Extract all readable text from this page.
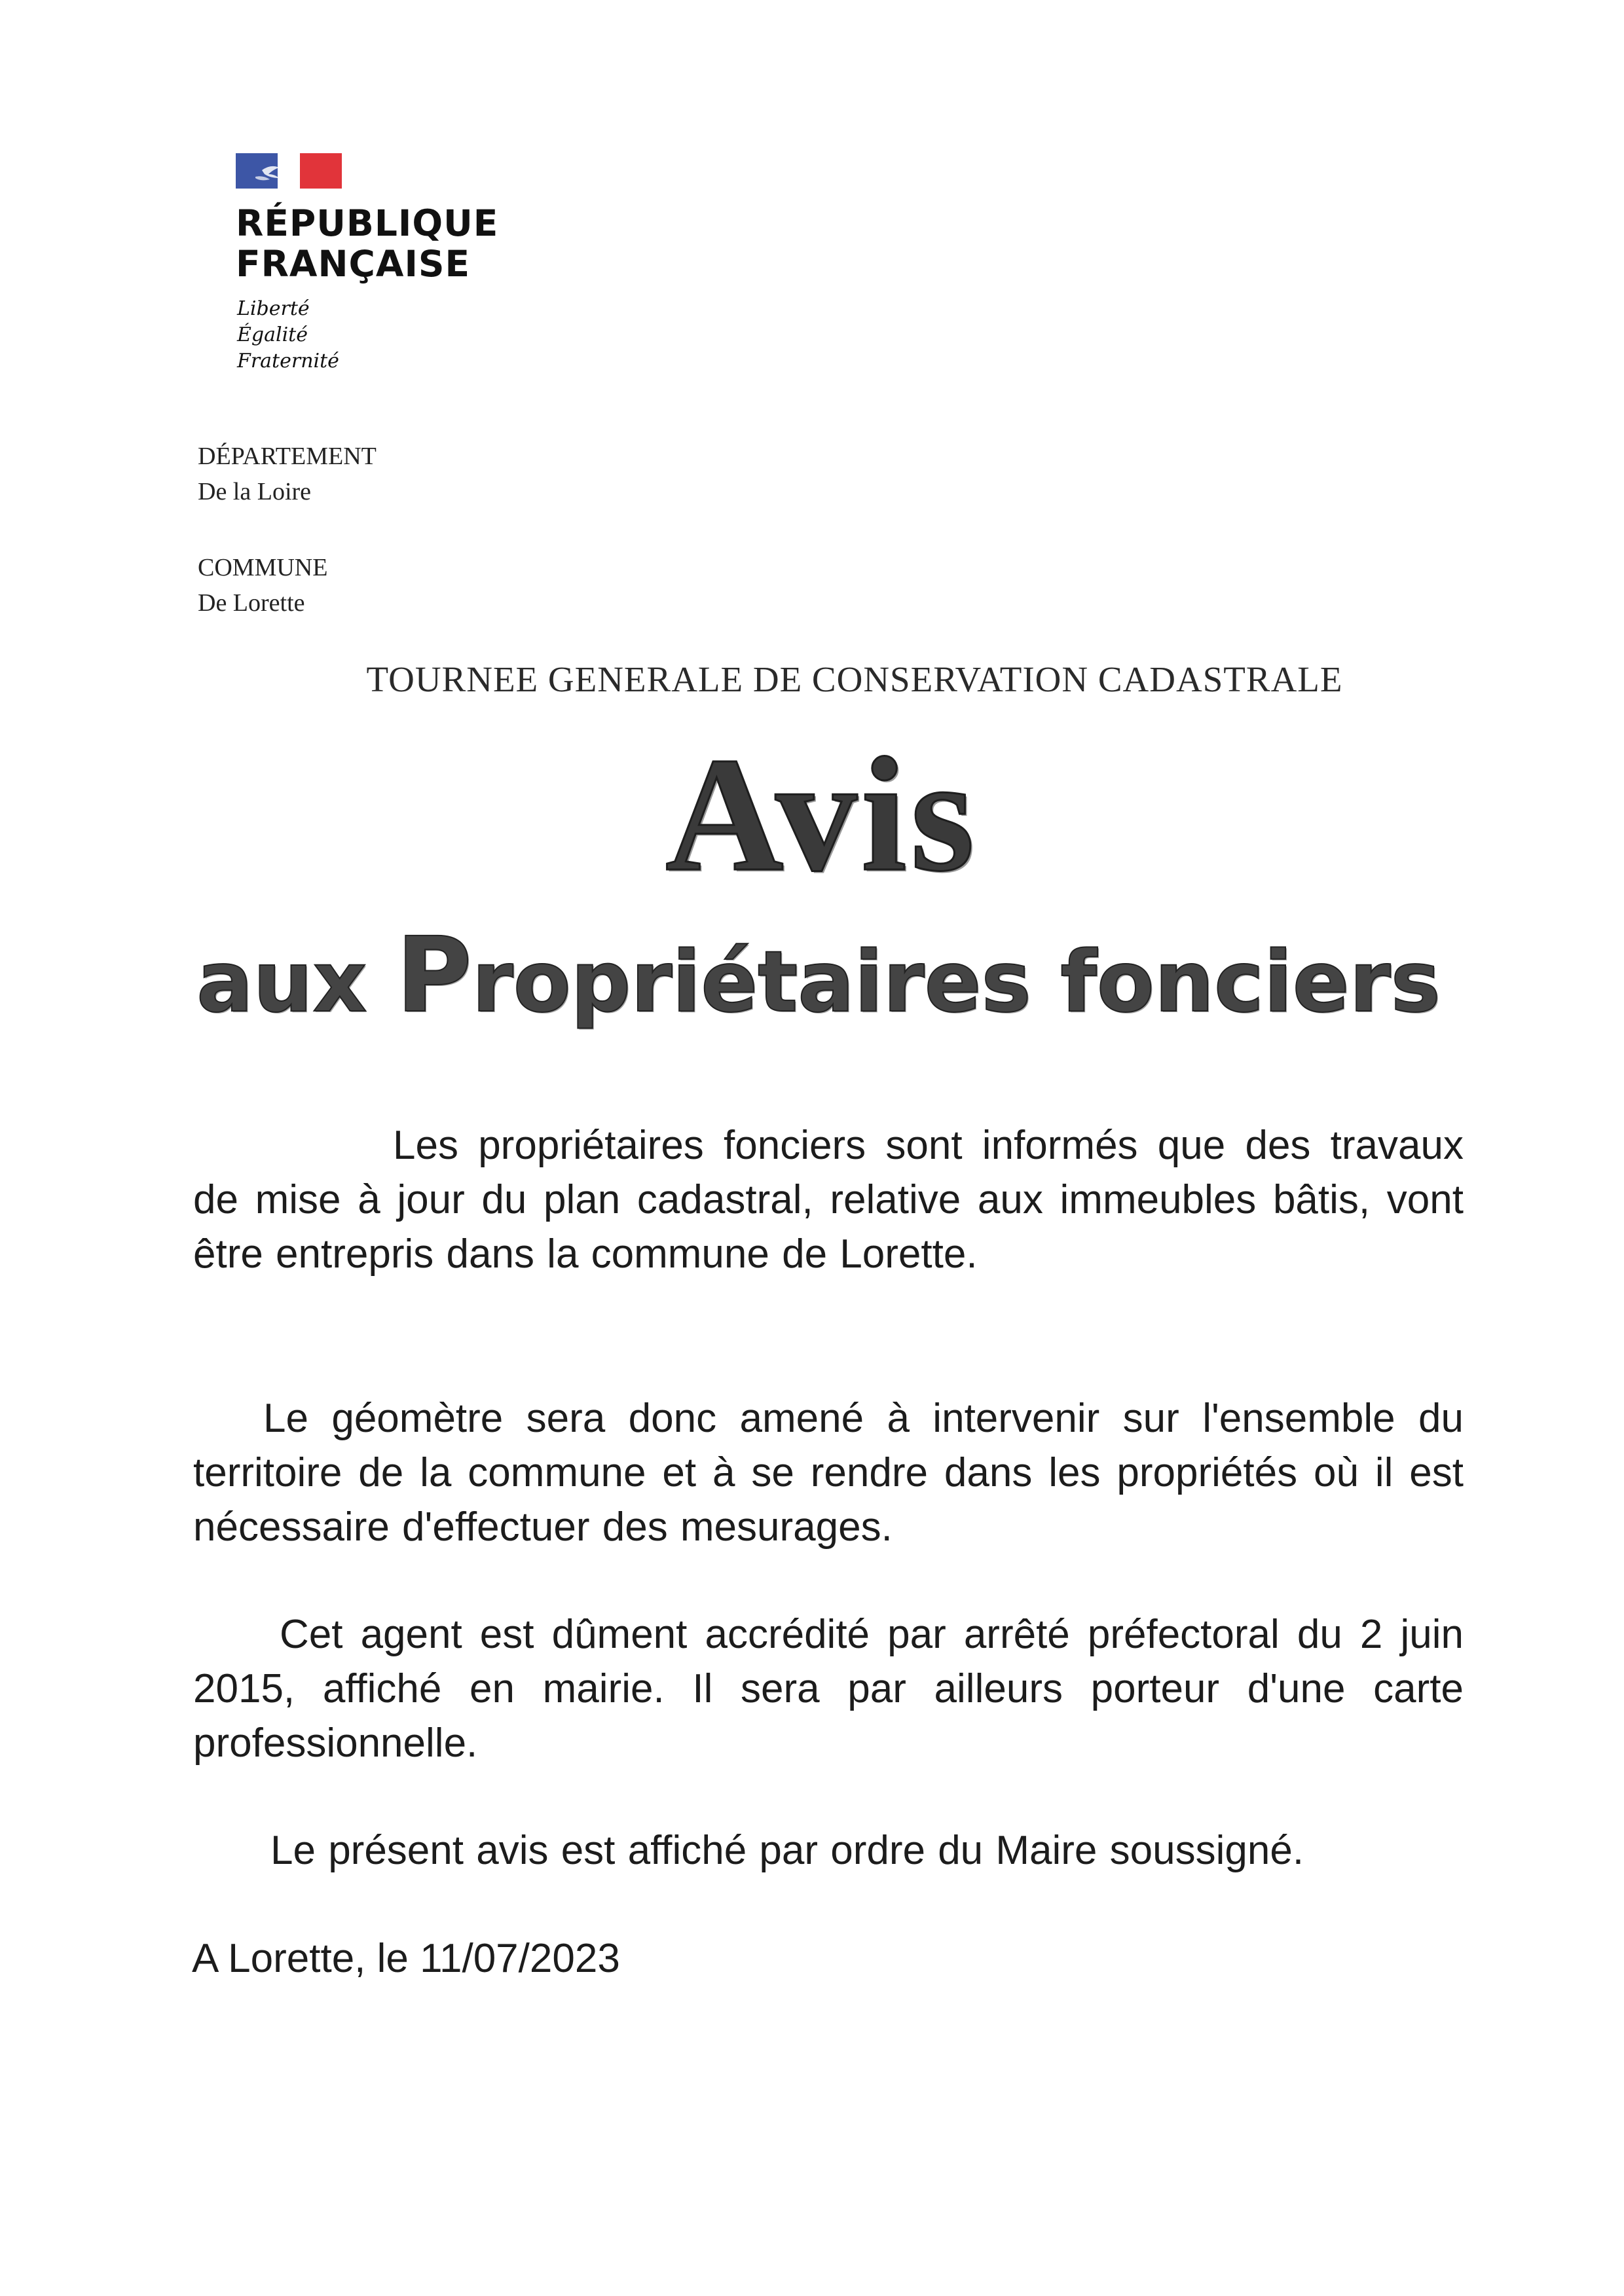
RÉPUBLIQUE
FRANÇAISE
Liberté
Égalité
Fraternité
DÉPARTEMENT
De la Loire
COMMUNE
De Lorette
TOURNEE GENERALE DE CONSERVATION CADASTRALE
Avis
aux Propriétaires fonciers

Les propriétaires fonciers sont informés que des travaux de mise à jour du plan cadastral, relative aux immeubles bâtis, vont être entrepris dans la commune de Lorette.

Le géomètre sera donc amené à intervenir sur l'ensemble du territoire de la commune et à se rendre dans les propriétés où il est nécessaire d'effectuer des mesurages.

Cet agent est dûment accrédité par arrêté préfectoral du 2 juin 2015, affiché en mairie. Il sera par ailleurs porteur d'une carte professionnelle.

Le présent avis est affiché par ordre du Maire soussigné.

A Lorette, le 11/07/2023
